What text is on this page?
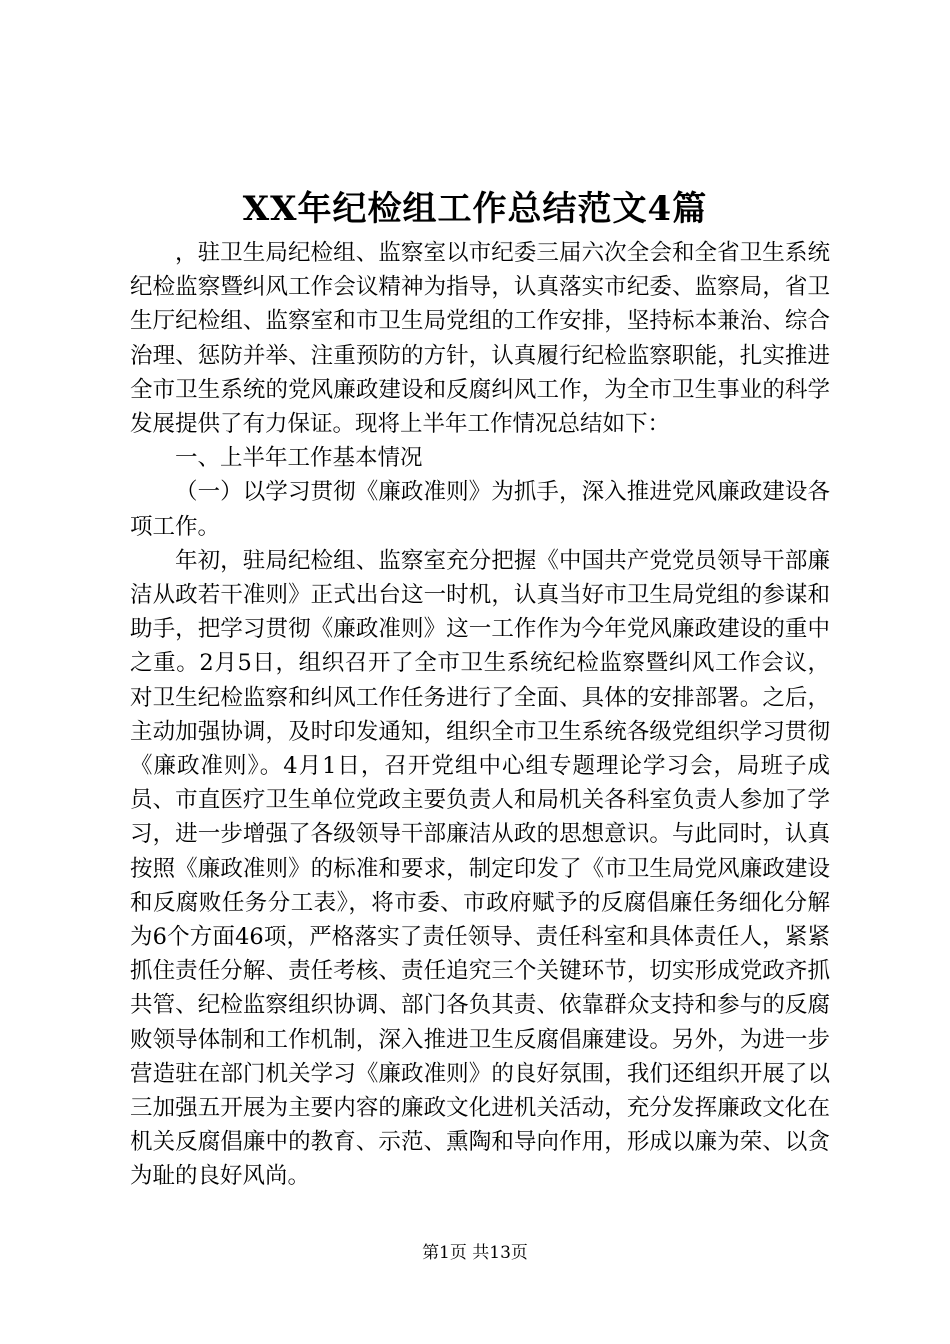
XX年纪检组工作总结范文4篇

，驻卫生局纪检组、监察室以市纪委三届六次全会和全省卫生系统纪检监察暨纠风工作会议精神为指导，认真落实市纪委、监察局，省卫生厅纪检组、监察室和市卫生局党组的工作安排，坚持标本兼治、综合治理、惩防并举、注重预防的方针，认真履行纪检监察职能，扎实推进全市卫生系统的党风廉政建设和反腐纠风工作，为全市卫生事业的科学发展提供了有力保证。现将上半年工作情况总结如下：

一、上半年工作基本情况

（一）以学习贯彻《廉政准则》为抓手，深入推进党风廉政建设各项工作。

年初，驻局纪检组、监察室充分把握《中国共产党党员领导干部廉洁从政若干准则》正式出台这一时机，认真当好市卫生局党组的参谋和助手，把学习贯彻《廉政准则》这一工作作为今年党风廉政建设的重中之重。2月5日，组织召开了全市卫生系统纪检监察暨纠风工作会议，对卫生纪检监察和纠风工作任务进行了全面、具体的安排部署。之后，主动加强协调，及时印发通知，组织全市卫生系统各级党组织学习贯彻《廉政准则》。4月1日，召开党组中心组专题理论学习会，局班子成员、市直医疗卫生单位党政主要负责人和局机关各科室负责人参加了学习，进一步增强了各级领导干部廉洁从政的思想意识。与此同时，认真按照《廉政准则》的标准和要求，制定印发了《市卫生局党风廉政建设和反腐败任务分工表》，将市委、市政府赋予的反腐倡廉任务细化分解为6个方面46项，严格落实了责任领导、责任科室和具体责任人，紧紧抓住责任分解、责任考核、责任追究三个关键环节，切实形成党政齐抓共管、纪检监察组织协调、部门各负其责、依靠群众支持和参与的反腐败领导体制和工作机制，深入推进卫生反腐倡廉建设。另外，为进一步营造驻在部门机关学习《廉政准则》的良好氛围，我们还组织开展了以三加强五开展为主要内容的廉政文化进机关活动，充分发挥廉政文化在机关反腐倡廉中的教育、示范、熏陶和导向作用，形成以廉为荣、以贪为耻的良好风尚。

第1页 共13页
